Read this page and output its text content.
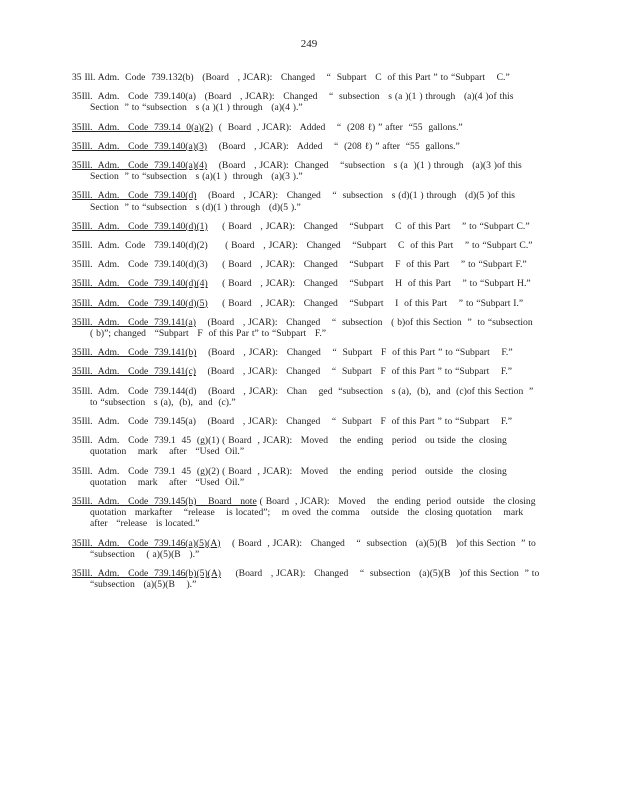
249

35 Ill. Adm.  Code  739.132(b)   (Board   , JCAR):   Changed    “  Subpart   C  of this Part ” to “Subpart    C.”

35Ill.  Adm.   Code  739.140(a)   (Board   , JCAR):   Changed    “  subsection   s (a )(1 ) through   (a)(4 )of this Section  ” to “subsection   s (a )(1 ) through   (a)(4 ).”

35Ill.  Adm.   Code  739.14  0(a)(2)  (  Board  , JCAR):   Added    “  (208 ℓ) ” after  “55  gallons.”

35Ill.  Adm.   Code  739.140(a)(3)    (Board   , JCAR):   Added    “  (208 ℓ) ” after  “55  gallons.”

35Ill.  Adm.   Code  739.140(a)(4)    (Board   , JCAR):  Changed    “subsection   s (a  )(1 ) through   (a)(3 )of this Section  ” to “subsection   s (a)(1 )  through   (a)(3 ).”

35Ill.  Adm.   Code  739.140(d)    (Board   , JCAR):   Changed    “  subsection   s (d)(1 ) through   (d)(5 )of this Section  ” to “subsection   s (d)(1 ) through   (d)(5 ).”

35Ill.  Adm.   Code  739.140(d)(1)     ( Board   , JCAR):   Changed    “Subpart    C  of this Part    ” to “Subpart C.”

35Ill.  Adm.  Code   739.140(d)(2)      ( Board   , JCAR):   Changed    “Subpart    C  of this Part    ” to “Subpart C.”

35Ill.  Adm.   Code  739.140(d)(3)     ( Board   , JCAR):   Changed    “Subpart    F  of this Part    ” to “Subpart F.”

35Ill.  Adm.   Code  739.140(d)(4)     ( Board   , JCAR):   Changed    “Subpart    H  of this Part    ” to “Subpart H.”

35Ill.  Adm.   Code  739.140(d)(5)     ( Board   , JCAR):   Changed    “Subpart    I  of this Part    ” to “Subpart I.”

35Ill.  Adm.   Code  739.141(a)    (Board   , JCAR):   Changed    “  subsection   ( b)of this Section  ”  to “subsection   ( b)”; changed   “Subpart   F  of this Par t” to “Subpart   F.”

35Ill.  Adm.   Code  739.141(b)    (Board   , JCAR):   Changed    “  Subpart   F  of this Part ” to “Subpart    F.”

35Ill.  Adm.   Code  739.141(c)    (Board   , JCAR):   Changed    “  Subpart   F  of this Part ” to “Subpart    F.”

35Ill.  Adm.   Code  739.144(d)    (Board   , JCAR):   Chan    ged  “subsection   s (a),  (b),  and  (c)of this Section  ” to “subsection   s (a),  (b),  and  (c).”

35Ill.  Adm.   Code  739.145(a)    (Board   , JCAR):   Changed    “  Subpart   F  of this Part ” to “Subpart    F.”

35Ill.  Adm.   Code  739.1  45  (g)(1) ( Board  , JCAR):   Moved    the  ending   period   ou tside  the  closing quotation    mark    after   “Used  Oil.”

35Ill.  Adm.   Code  739.1  45  (g)(2) ( Board  , JCAR):   Moved    the  ending   period   outside   the  closing quotation    mark    after   “Used  Oil.”

35Ill.  Adm.   Code  739.145(h)    Board   note ( Board  , JCAR):   Moved    the  ending  period  outside   the closing  quotation   markafter    “release    is located”;    m oved  the comma    outside   the  closing quotation    mark   after   “release   is located.”

35Ill.  Adm.   Code  739.146(a)(5)(A)    ( Board  , JCAR):   Changed    “  subsection   (a)(5)(B   )of this Section  ” to “subsection    ( a)(5)(B   ).”

35Ill.  Adm.   Code  739.146(b)(5)(A)     (Board   , JCAR):   Changed    “  subsection   (a)(5)(B   )of this Section  ” to “subsection   (a)(5)(B    ).”
